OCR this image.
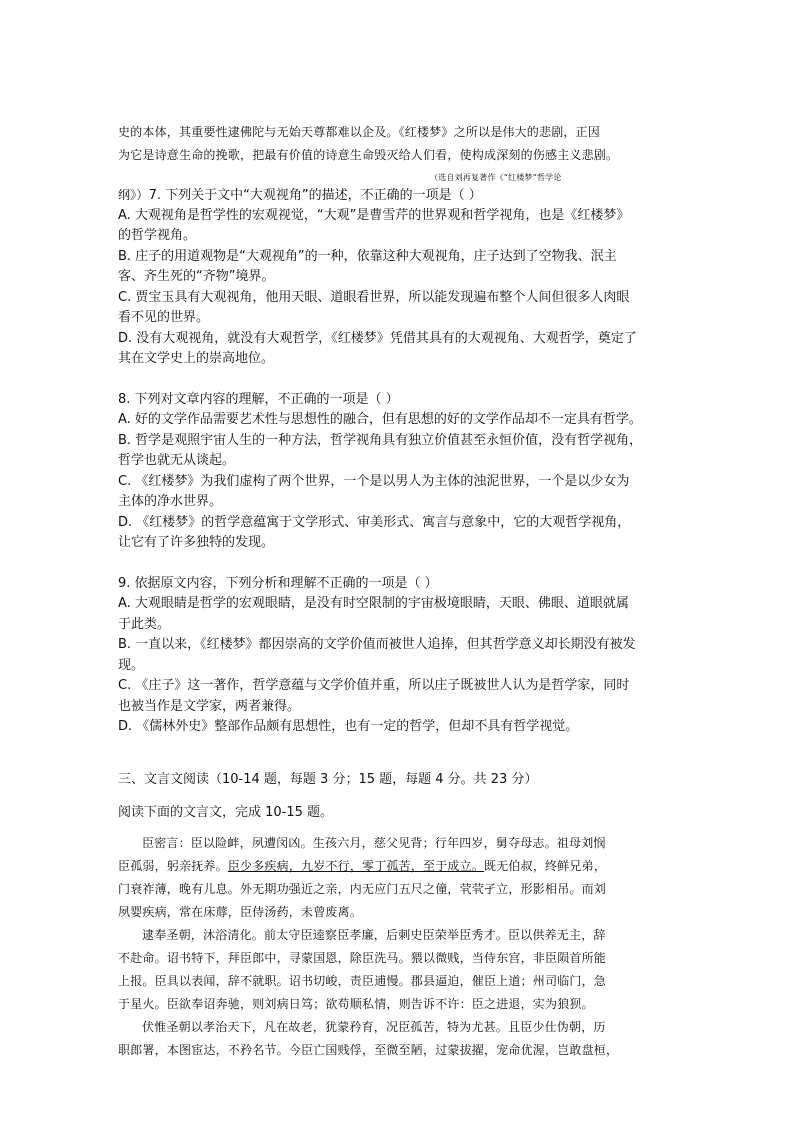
史的本体，其重要性逮佛陀与无始天尊都难以企及。《红楼梦》之所以是伟大的悲剧，正因
为它是诗意生命的挽歌，把最有价值的诗意生命毁灭给人们看，使构成深刻的伤感主义悲剧。
（选自刘再复著作《“红楼梦”哲学论
纲》）7. 下列关于文中“大观视角”的描述，不正确的一项是（ ）
A. 大观视角是哲学性的宏观视觉，“大观”是曹雪芹的世界观和哲学视角，也是《红楼梦》
的哲学视角。
B. 庄子的用道观物是“大观视角”的一种，依靠这种大观视角，庄子达到了空物我、泯主
客、齐生死的“齐物”境界。
C. 贾宝玉具有大观视角，他用天眼、道眼看世界，所以能发现遍布整个人间但很多人肉眼
看不见的世界。
D. 没有大观视角，就没有大观哲学，《红楼梦》凭借其具有的大观视角、大观哲学，奠定了
其在文学史上的崇高地位。
8. 下列对文章内容的理解，不正确的一项是（ ）
A. 好的文学作品需要艺术性与思想性的融合，但有思想的好的文学作品却不一定具有哲学。
B. 哲学是观照宇宙人生的一种方法，哲学视角具有独立价值甚至永恒价值，没有哲学视角，
哲学也就无从谈起。
C. 《红楼梦》为我们虚构了两个世界，一个是以男人为主体的浊泥世界，一个是以少女为
主体的净水世界。
D. 《红楼梦》的哲学意蕴寓于文学形式、审美形式、寓言与意象中，它的大观哲学视角，
让它有了许多独特的发现。
9. 依据原文内容，下列分析和理解不正确的一项是（ ）
A. 大观眼睛是哲学的宏观眼睛，是没有时空限制的宇宙极境眼睛，天眼、佛眼、道眼就属
于此类。
B. 一直以来，《红楼梦》都因崇高的文学价值而被世人追捧，但其哲学意义却长期没有被发
现。
C. 《庄子》这一著作，哲学意蕴与文学价值并重，所以庄子既被世人认为是哲学家，同时
也被当作是文学家，两者兼得。
D. 《儒林外史》整部作品颇有思想性，也有一定的哲学，但却不具有哲学视觉。
三、文言文阅读（10-14 题，每题 3 分；15 题，每题 4 分。共 23 分）
阅读下面的文言文，完成 10-15 题。
臣密言：臣以险衅，夙遭闵凶。生孩六月，慈父见背；行年四岁，舅夺母志。祖母刘悯
臣孤弱，躬亲抚养。臣少多疾病，九岁不行，零丁孤苦，至于成立。既无伯叔，终鲜兄弟，
门衰祚薄，晚有儿息。外无期功强近之亲，内无应门五尺之僮，茕茕孑立，形影相吊。而刘
夙婴疾病，常在床蓐，臣侍汤药，未曾废离。
逮奉圣朝，沐浴清化。前太守臣逵察臣孝廉，后刺史臣荣举臣秀才。臣以供养无主，辞
不赴命。诏书特下，拜臣郎中，寻蒙国恩，除臣洗马。猥以微贱，当侍东宫，非臣陨首所能
上报。臣具以表闻，辞不就职。诏书切峻，责臣逋慢。郡县逼迫，催臣上道；州司临门，急
于星火。臣欲奉诏奔驰，则刘病日笃；欲苟顺私情，则告诉不许：臣之进退，实为狼狈。
伏惟圣朝以孝治天下，凡在故老，犹蒙矜育，况臣孤苦，特为尤甚。且臣少仕伪朝，历
职郎署，本图宦达，不矜名节。今臣亡国贱俘，至微至陋，过蒙拔擢，宠命优渥，岂敢盘桓，
